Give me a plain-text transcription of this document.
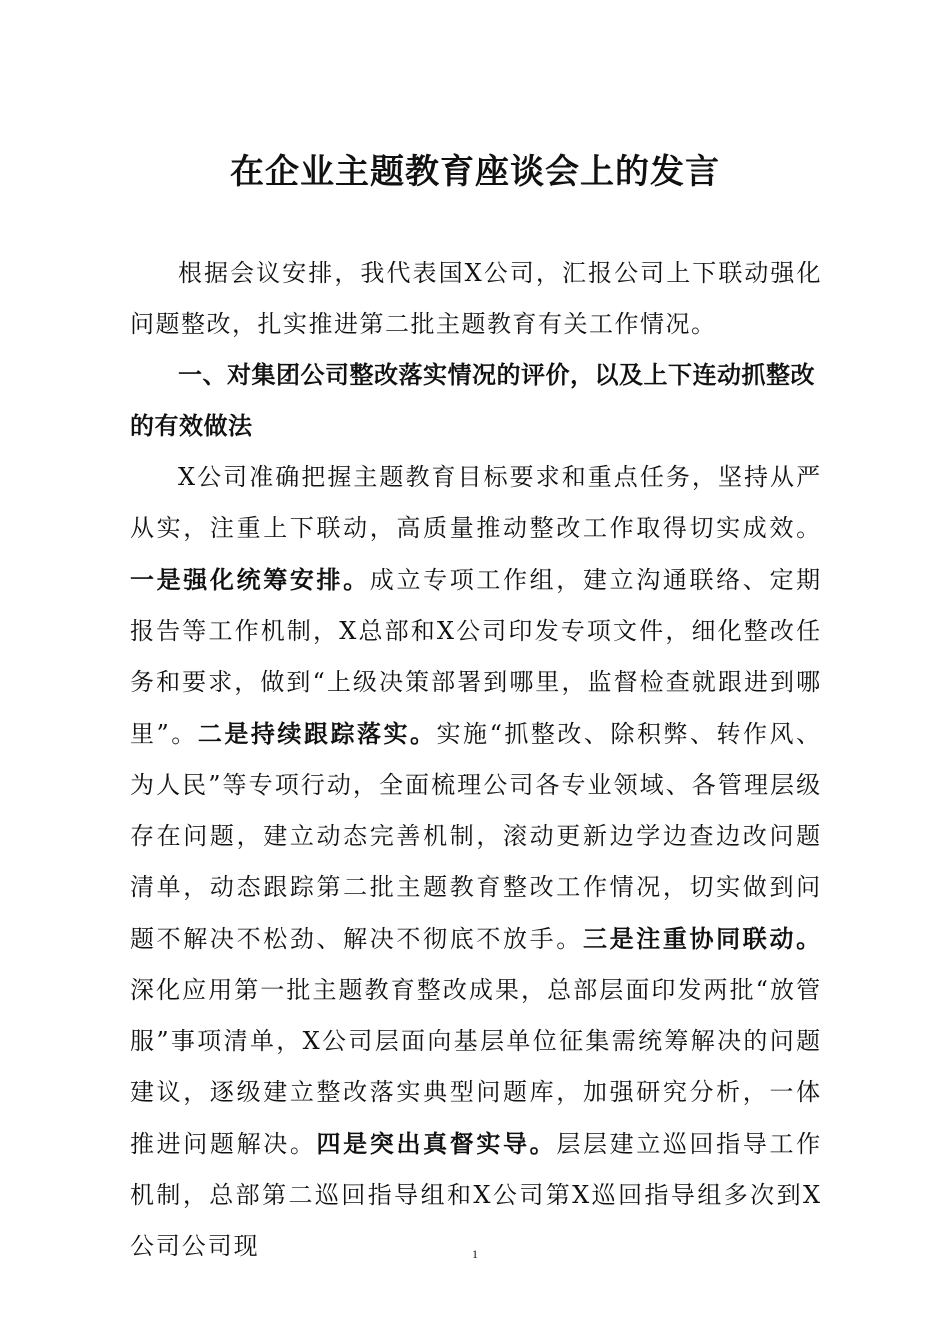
在企业主题教育座谈会上的发言

根据会议安排，我代表国X公司，汇报公司上下联动强化问题整改，扎实推进第二批主题教育有关工作情况。

一、对集团公司整改落实情况的评价，以及上下连动抓整改的有效做法

X公司准确把握主题教育目标要求和重点任务，坚持从严从实，注重上下联动，高质量推动整改工作取得切实成效。一是强化统筹安排。成立专项工作组，建立沟通联络、定期报告等工作机制，X总部和X公司印发专项文件，细化整改任务和要求，做到“上级决策部署到哪里，监督检查就跟进到哪里”。二是持续跟踪落实。实施“抓整改、除积弊、转作风、为人民”等专项行动，全面梳理公司各专业领域、各管理层级存在问题，建立动态完善机制，滚动更新边学边查边改问题清单，动态跟踪第二批主题教育整改工作情况，切实做到问题不解决不松劲、解决不彻底不放手。三是注重协同联动。深化应用第一批主题教育整改成果，总部层面印发两批“放管服”事项清单，X公司层面向基层单位征集需统筹解决的问题建议，逐级建立整改落实典型问题库，加强研究分析，一体推进问题解决。四是突出真督实导。层层建立巡回指导工作机制，总部第二巡回指导组和X公司第X巡回指导组多次到X公司公司现	1
